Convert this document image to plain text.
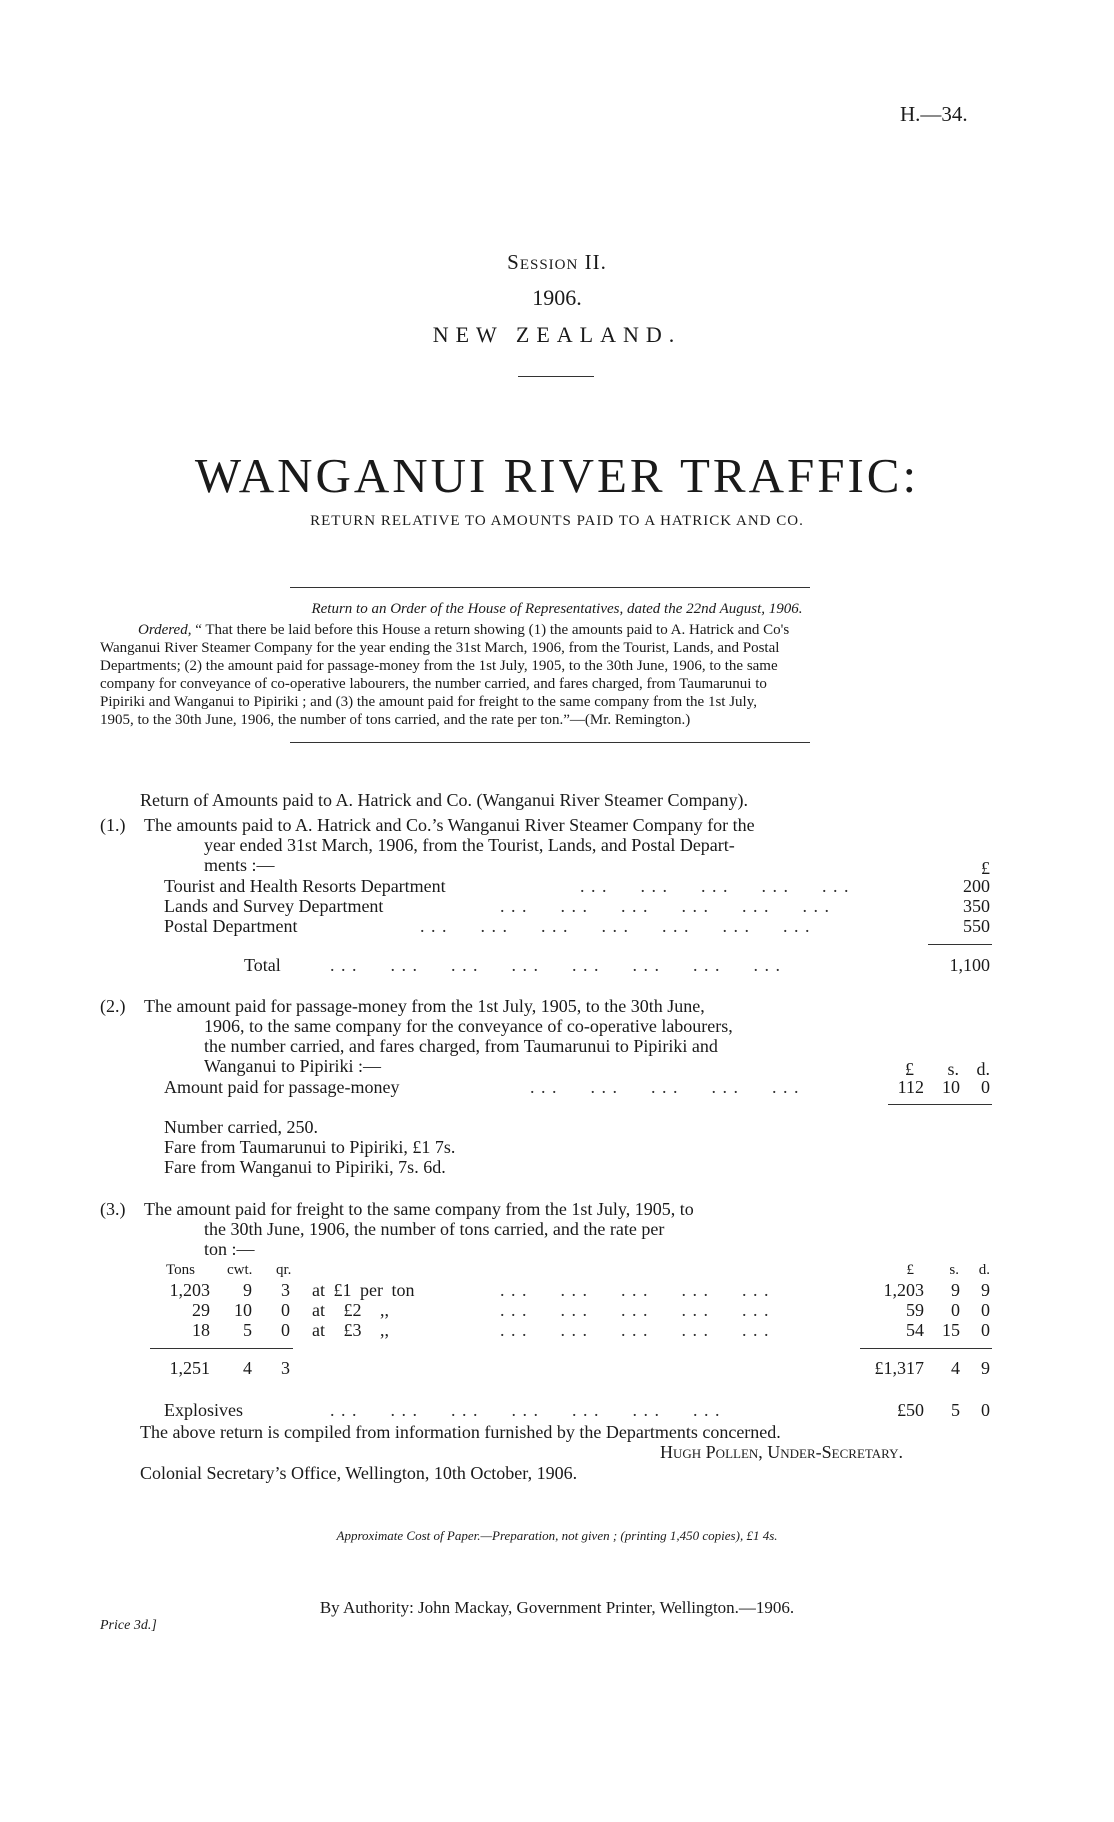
H.—34.
Session II.
1906.
NEW ZEALAND.
WANGANUI RIVER TRAFFIC:
RETURN RELATIVE TO AMOUNTS PAID TO A HATRICK AND CO.
Return to an Order of the House of Representatives, dated the 22nd August, 1906.
Ordered, “ That there be laid before this House a return showing (1) the amounts paid to A. Hatrick and Co's
Wanganui River Steamer Company for the year ending the 31st March, 1906, from the Tourist, Lands, and Postal
Departments; (2) the amount paid for passage-money from the 1st July, 1905, to the 30th June, 1906, to the same
company for conveyance of co-operative labourers, the number carried, and fares charged, from Taumarunui to
Pipiriki and Wanganui to Pipiriki ; and (3) the amount paid for freight to the same company from the 1st July,
1905, to the 30th June, 1906, the number of tons carried, and the rate per ton.”—(Mr. Remington.)
Return of Amounts paid to A. Hatrick and Co. (Wanganui River Steamer Company).
(1.) The amounts paid to A. Hatrick and Co.’s Wanganui River Steamer Company for the
year ended 31st March, 1906, from the Tourist, Lands, and Postal Depart-
ments :—	£
Tourist and Health Resorts Department	. . .      . . .      . . .      . . .      . . .	200
Lands and Survey Department	. . .      . . .      . . .      . . .      . . .      . . .	350
Postal Department	. . .      . . .      . . .      . . .      . . .      . . .      . . .	550
Total	. . .      . . .      . . .      . . .      . . .      . . .      . . .      . . .	1,100
(2.) The amount paid for passage-money from the 1st July, 1905, to the 30th June,
1906, to the same company for the conveyance of co-operative labourers,
the number carried, and fares charged, from Taumarunui to Pipiriki and
Wanganui to Pipiriki :—	£	s. d.
Amount paid for passage-money	. . .      . . .      . . .      . . .      . . .	112	10	0
Number carried, 250.
Fare from Taumarunui to Pipiriki, £1 7s.
Fare from Wanganui to Pipiriki, 7s. 6d.
(3.) The amount paid for freight to the same company from the 1st July, 1905, to
the 30th June, 1906, the number of tons carried, and the rate per
ton :—
Tons cwt. qr.	£	s.	d.
1,203	9	3 at £1 per ton	. . .      . . .      . . .      . . .      . . .	1,203	9	9
29	10	0 at £2 ,,	. . .      . . .      . . .      . . .      . . .	59	0	0
18	5	0 at £3 ,,	. . .      . . .      . . .      . . .      . . .	54	15	0
1,251	4	3	£1,317	4	9
Explosives	. . .      . . .      . . .      . . .      . . .      . . .      . . .	£50	5	0
The above return is compiled from information furnished by the Departments concerned.
Hugh Pollen, Under-Secretary.
Colonial Secretary’s Office, Wellington, 10th October, 1906.
Approximate Cost of Paper.—Preparation, not given ; (printing 1,450 copies), £1 4s.
By Authority: John Mackay, Government Printer, Wellington.—1906.
Price 3d.]
